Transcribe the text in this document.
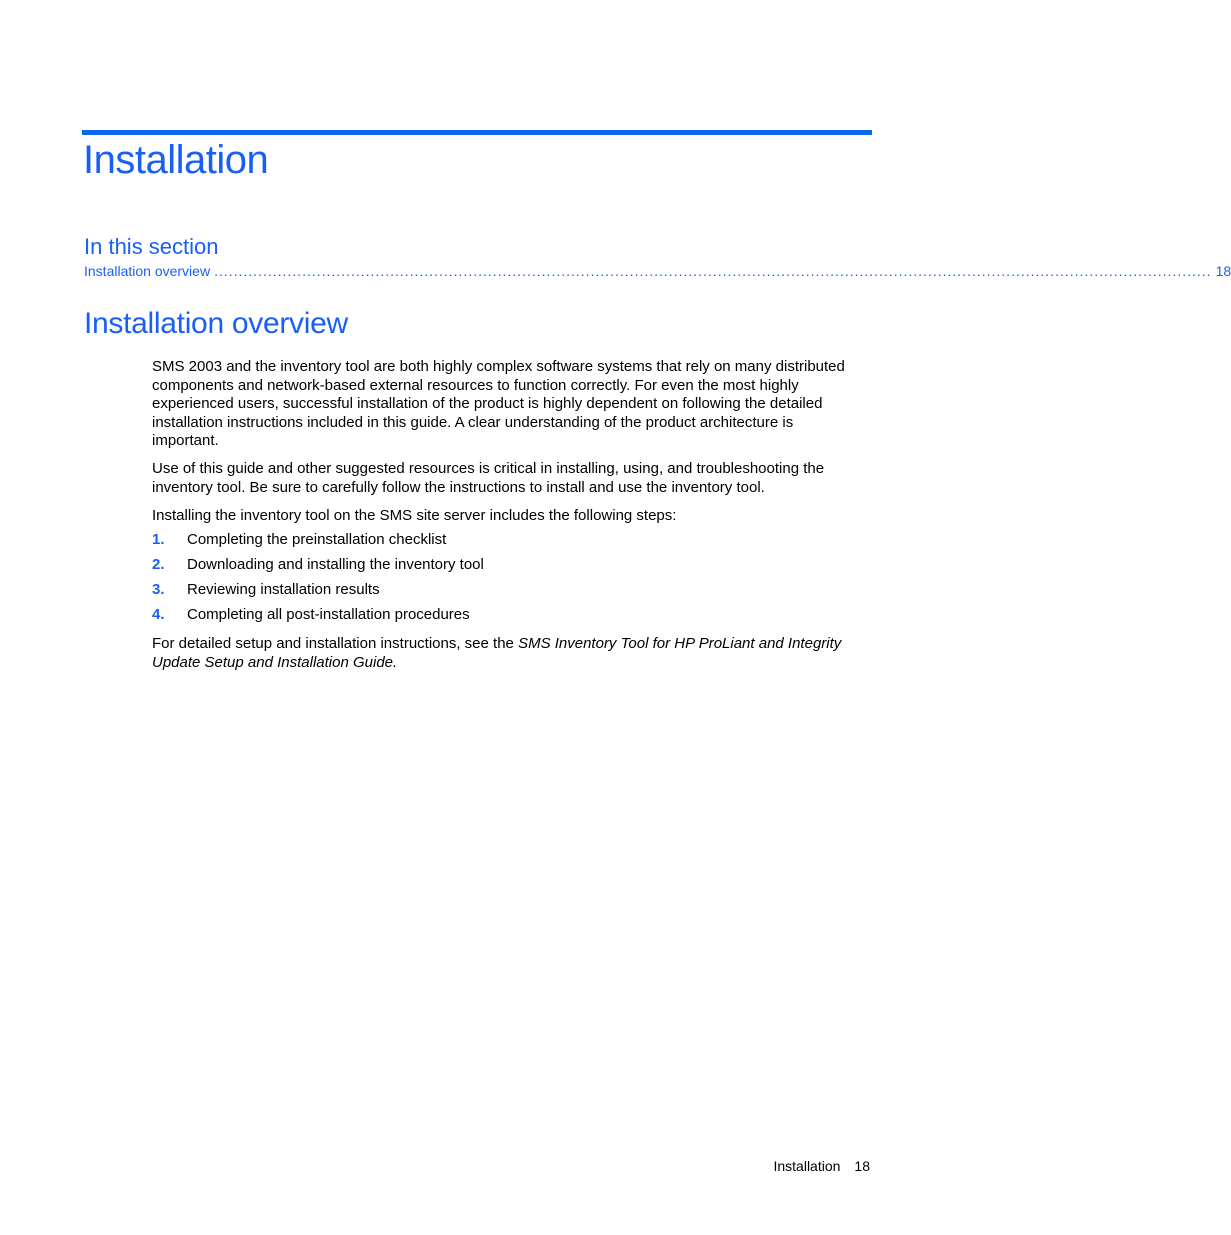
Installation
In this section
Installation overview ............................................................................................................................................................................................................ 18
Installation overview

SMS 2003 and the inventory tool are both highly complex software systems that rely on many distributed components and network-based external resources to function correctly. For even the most highly experienced users, successful installation of the product is highly dependent on following the detailed installation instructions included in this guide. A clear understanding of the product architecture is important.

Use of this guide and other suggested resources is critical in installing, using, and troubleshooting the inventory tool. Be sure to carefully follow the instructions to install and use the inventory tool.

Installing the inventory tool on the SMS site server includes the following steps:

1.	Completing the preinstallation checklist
2.	Downloading and installing the inventory tool
3.	Reviewing installation results
4.	Completing all post-installation procedures

For detailed setup and installation instructions, see the SMS Inventory Tool for HP ProLiant and Integrity Update Setup and Installation Guide.

Installation 18
